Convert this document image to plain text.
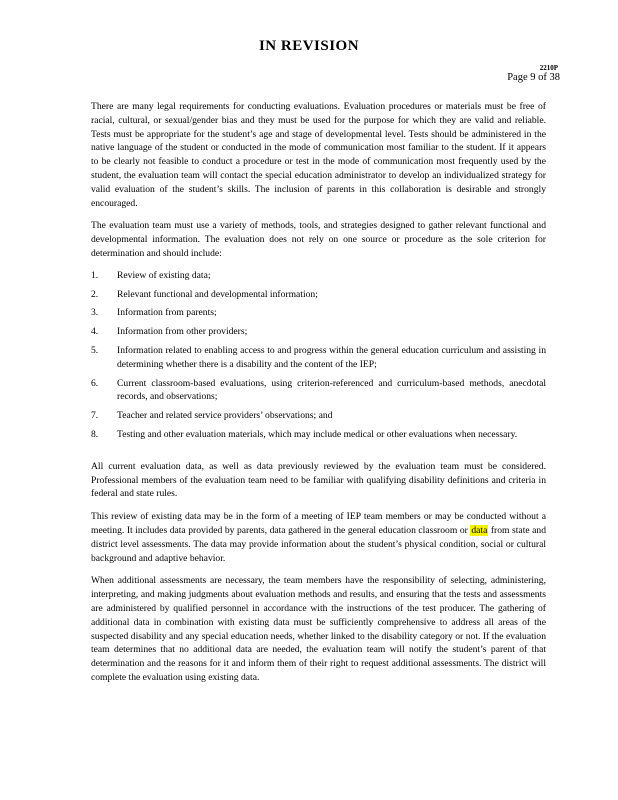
IN REVISION
2210P
Page 9 of 38

There are many legal requirements for conducting evaluations. Evaluation procedures or materials must be free of racial, cultural, or sexual/gender bias and they must be used for the purpose for which they are valid and reliable. Tests must be appropriate for the student’s age and stage of developmental level. Tests should be administered in the native language of the student or conducted in the mode of communication most familiar to the student. If it appears to be clearly not feasible to conduct a procedure or test in the mode of communication most frequently used by the student, the evaluation team will contact the special education administrator to develop an individualized strategy for valid evaluation of the student’s skills. The inclusion of parents in this collaboration is desirable and strongly encouraged.

The evaluation team must use a variety of methods, tools, and strategies designed to gather relevant functional and developmental information. The evaluation does not rely on one source or procedure as the sole criterion for determination and should include:

1.	Review of existing data;
2.	Relevant functional and developmental information;
3.	Information from parents;
4.	Information from other providers;
5.	Information related to enabling access to and progress within the general education curriculum and assisting in determining whether there is a disability and the content of the IEP;
6.	Current classroom-based evaluations, using criterion-referenced and curriculum-based methods, anecdotal records, and observations;
7.	Teacher and related service providers’ observations; and
8.	Testing and other evaluation materials, which may include medical or other evaluations when necessary.

All current evaluation data, as well as data previously reviewed by the evaluation team must be considered. Professional members of the evaluation team need to be familiar with qualifying disability definitions and criteria in federal and state rules.

This review of existing data may be in the form of a meeting of IEP team members or may be conducted without a meeting. It includes data provided by parents, data gathered in the general education classroom or data from state and district level assessments. The data may provide information about the student’s physical condition, social or cultural background and adaptive behavior.

When additional assessments are necessary, the team members have the responsibility of selecting, administering, interpreting, and making judgments about evaluation methods and results, and ensuring that the tests and assessments are administered by qualified personnel in accordance with the instructions of the test producer. The gathering of additional data in combination with existing data must be sufficiently comprehensive to address all areas of the suspected disability and any special education needs, whether linked to the disability category or not. If the evaluation team determines that no additional data are needed, the evaluation team will notify the student’s parent of that determination and the reasons for it and inform them of their right to request additional assessments. The district will complete the evaluation using existing data.
